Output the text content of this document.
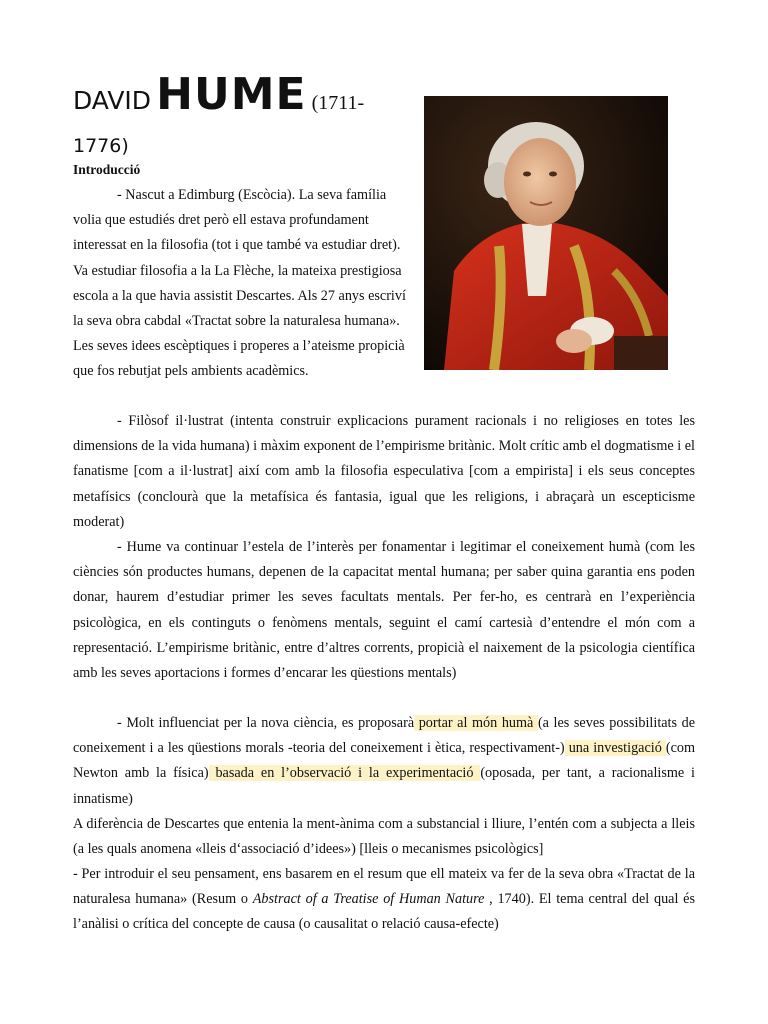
DAVID HUME (1711-
1776)
Introducció

- Nascut a Edimburg (Escòcia). La seva família volia que estudiés dret però ell estava profundament interessat en la filosofia (tot i que també va estudiar dret). Va estudiar filosofia a la La Flèche, la mateixa prestigiosa escola a la que havia assistit Descartes. Als 27 anys escriví la seva obra cabdal «Tractat sobre la naturalesa humana». Les seves idees escèptiques i properes a l’ateisme propicià que fos rebutjat pels ambients acadèmics.

- Filòsof il·lustrat (intenta construir explicacions purament racionals i no religioses en totes les dimensions de la vida humana) i màxim exponent de l’empirisme britànic. Molt crític amb el dogmatisme i el fanatisme [com a il·lustrat] així com amb la filosofia especulativa [com a empirista] i els seus conceptes metafísics (conclourà que la metafísica és fantasia, igual que les religions, i abraçarà un escepticisme moderat)

- Hume va continuar l’estela de l’interès per fonamentar i legitimar el coneixement humà (com les ciències són productes humans, depenen de la capacitat mental humana; per saber quina garantia ens poden donar, haurem d’estudiar primer les seves facultats mentals. Per fer-ho, es centrarà en l’experiència psicològica, en els continguts o fenòmens mentals, seguint el camí cartesià d’entendre el món com a representació. L’empirisme britànic, entre d’altres corrents, propicià el naixement de la psicologia científica amb les seves aportacions i formes d’encarar les qüestions mentals)

- Molt influenciat per la nova ciència, es proposarà portar al món humà (a les seves possibilitats de coneixement i a les qüestions morals -teoria del coneixement i ètica, respectivament-) una investigació (com Newton amb la física) basada en l’observació i la experimentació (oposada, per tant, a racionalisme i innatisme)

A diferència de Descartes que entenia la ment-ànima com a substancial i lliure, l’entén com a subjecta a lleis (a les quals anomena «lleis d‘associació d’idees») [lleis o mecanismes psicològics]

- Per introduir el seu pensament, ens basarem en el resum que ell mateix va fer de la seva obra «Tractat de la naturalesa humana» (Resum o Abstract of a Treatise of Human Nature , 1740). El tema central del qual és l’anàlisi o crítica del concepte de causa (o causalitat o relació causa-efecte)
